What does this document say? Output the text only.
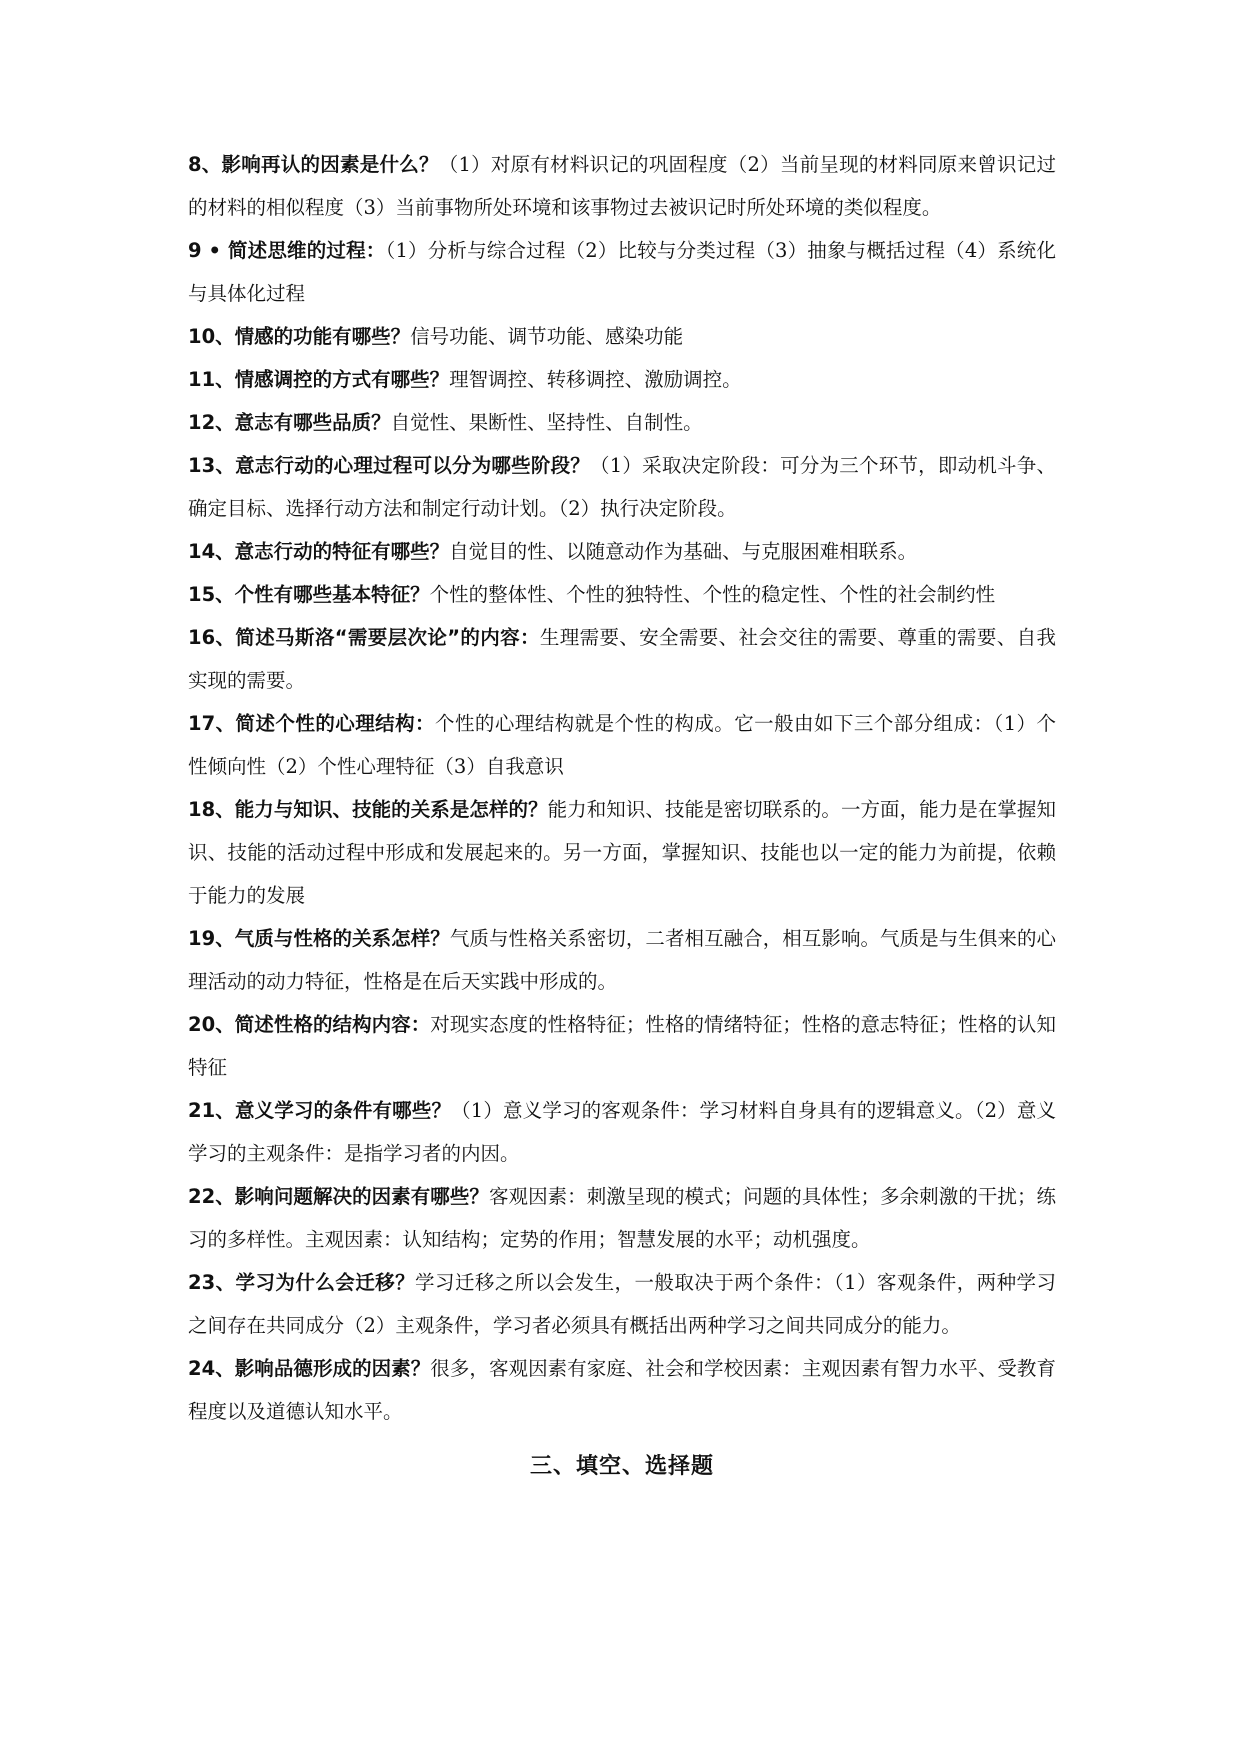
8、影响再认的因素是什么？（1）对原有材料识记的巩固程度（2）当前呈现的材料同原来曾识记过的材料的相似程度（3）当前事物所处环境和该事物过去被识记时所处环境的类似程度。

9 • 简述思维的过程：（1）分析与综合过程（2）比较与分类过程（3）抽象与概括过程（4）系统化与具体化过程

10、情感的功能有哪些？信号功能、调节功能、感染功能

11、情感调控的方式有哪些？理智调控、转移调控、激励调控。

12、意志有哪些品质？自觉性、果断性、坚持性、自制性。

13、意志行动的心理过程可以分为哪些阶段？（1）采取决定阶段：可分为三个环节，即动机斗争、确定目标、选择行动方法和制定行动计划。（2）执行决定阶段。

14、意志行动的特征有哪些？自觉目的性、以随意动作为基础、与克服困难相联系。

15、个性有哪些基本特征？个性的整体性、个性的独特性、个性的稳定性、个性的社会制约性

16、简述马斯洛“需要层次论”的内容：生理需要、安全需要、社会交往的需要、尊重的需要、自我实现的需要。

17、简述个性的心理结构：个性的心理结构就是个性的构成。它一般由如下三个部分组成：（1）个性倾向性（2）个性心理特征（3）自我意识

18、能力与知识、技能的关系是怎样的？能力和知识、技能是密切联系的。一方面，能力是在掌握知识、技能的活动过程中形成和发展起来的。另一方面，掌握知识、技能也以一定的能力为前提，依赖于能力的发展

19、气质与性格的关系怎样？气质与性格关系密切，二者相互融合，相互影响。气质是与生俱来的心理活动的动力特征，性格是在后天实践中形成的。

20、简述性格的结构内容：对现实态度的性格特征；性格的情绪特征；性格的意志特征；性格的认知特征

21、意义学习的条件有哪些？（1）意义学习的客观条件：学习材料自身具有的逻辑意义。（2）意义学习的主观条件：是指学习者的内因。

22、影响问题解决的因素有哪些？客观因素：刺激呈现的模式；问题的具体性；多余刺激的干扰；练习的多样性。主观因素：认知结构；定势的作用；智慧发展的水平；动机强度。

23、学习为什么会迁移？学习迁移之所以会发生，一般取决于两个条件：（1）客观条件，两种学习之间存在共同成分（2）主观条件，学习者必须具有概括出两种学习之间共同成分的能力。

24、影响品德形成的因素？很多，客观因素有家庭、社会和学校因素：主观因素有智力水平、受教育程度以及道德认知水平。

三、填空、选择题
